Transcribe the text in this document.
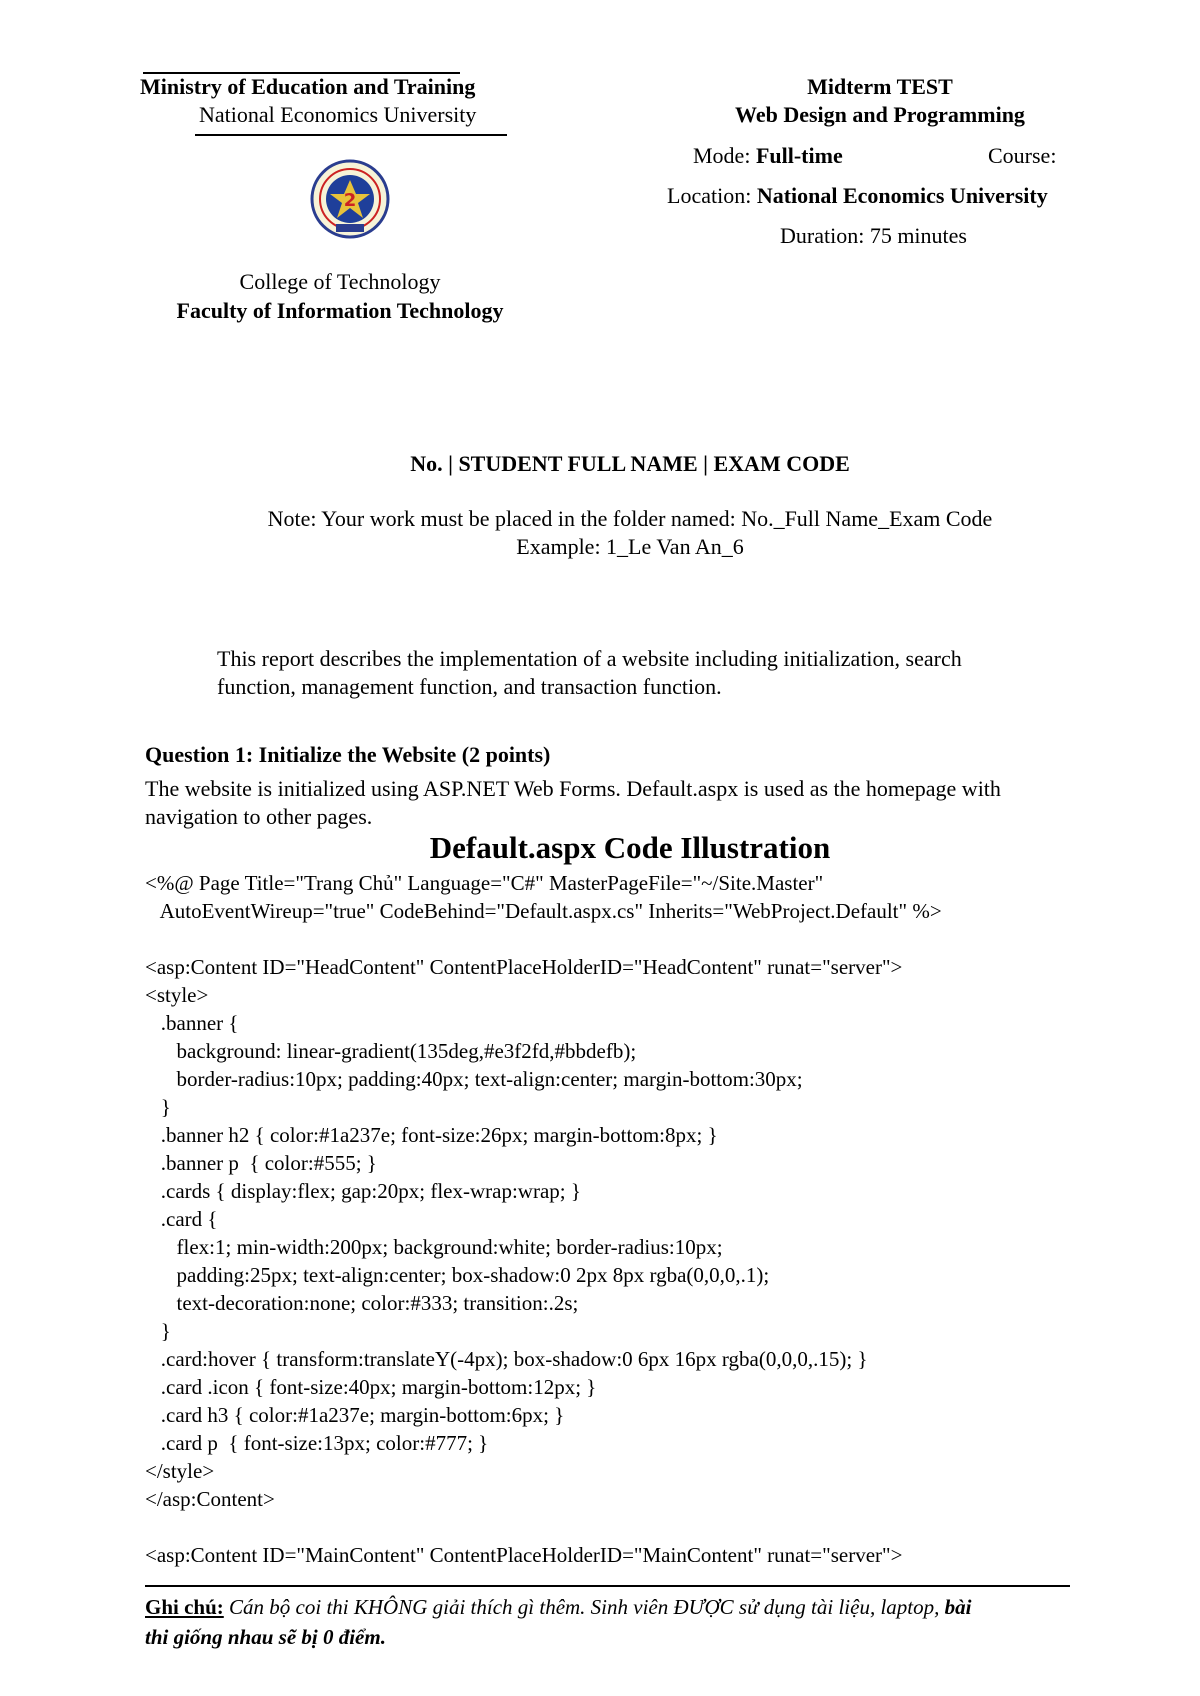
Ministry of Education and Training
National Economics University
2
College of Technology
Faculty of Information Technology
Midterm TEST
Web Design and Programming
Mode: Full-time	Course:
Location: National Economics University
Duration: 75 minutes
No. | STUDENT FULL NAME | EXAM CODE
Note: Your work must be placed in the folder named: No._Full Name_Exam Code
Example: 1_Le Van An_6
This report describes the implementation of a website including initialization, search
function, management function, and transaction function.
Question 1: Initialize the Website (2 points)
The website is initialized using ASP.NET Web Forms. Default.aspx is used as the homepage with
navigation to other pages.
Default.aspx Code Illustration
<%@ Page Title="Trang Chủ" Language="C#" MasterPageFile="~/Site.Master"
AutoEventWireup="true" CodeBehind="Default.aspx.cs" Inherits="WebProject.Default" %>
<asp:Content ID="HeadContent" ContentPlaceHolderID="HeadContent" runat="server">
<style>
.banner {
background: linear-gradient(135deg,#e3f2fd,#bbdefb);
border-radius:10px; padding:40px; text-align:center; margin-bottom:30px;
}
.banner h2 { color:#1a237e; font-size:26px; margin-bottom:8px; }
.banner p  { color:#555; }
.cards { display:flex; gap:20px; flex-wrap:wrap; }
.card {
flex:1; min-width:200px; background:white; border-radius:10px;
padding:25px; text-align:center; box-shadow:0 2px 8px rgba(0,0,0,.1);
text-decoration:none; color:#333; transition:.2s;
}
.card:hover { transform:translateY(-4px); box-shadow:0 6px 16px rgba(0,0,0,.15); }
.card .icon { font-size:40px; margin-bottom:12px; }
.card h3 { color:#1a237e; margin-bottom:6px; }
.card p  { font-size:13px; color:#777; }
</style>
</asp:Content>
<asp:Content ID="MainContent" ContentPlaceHolderID="MainContent" runat="server">
Ghi chú: Cán bộ coi thi KHÔNG giải thích gì thêm. Sinh viên ĐƯỢC sử dụng tài liệu, laptop, bài
thi giống nhau sẽ bị 0 điểm.
